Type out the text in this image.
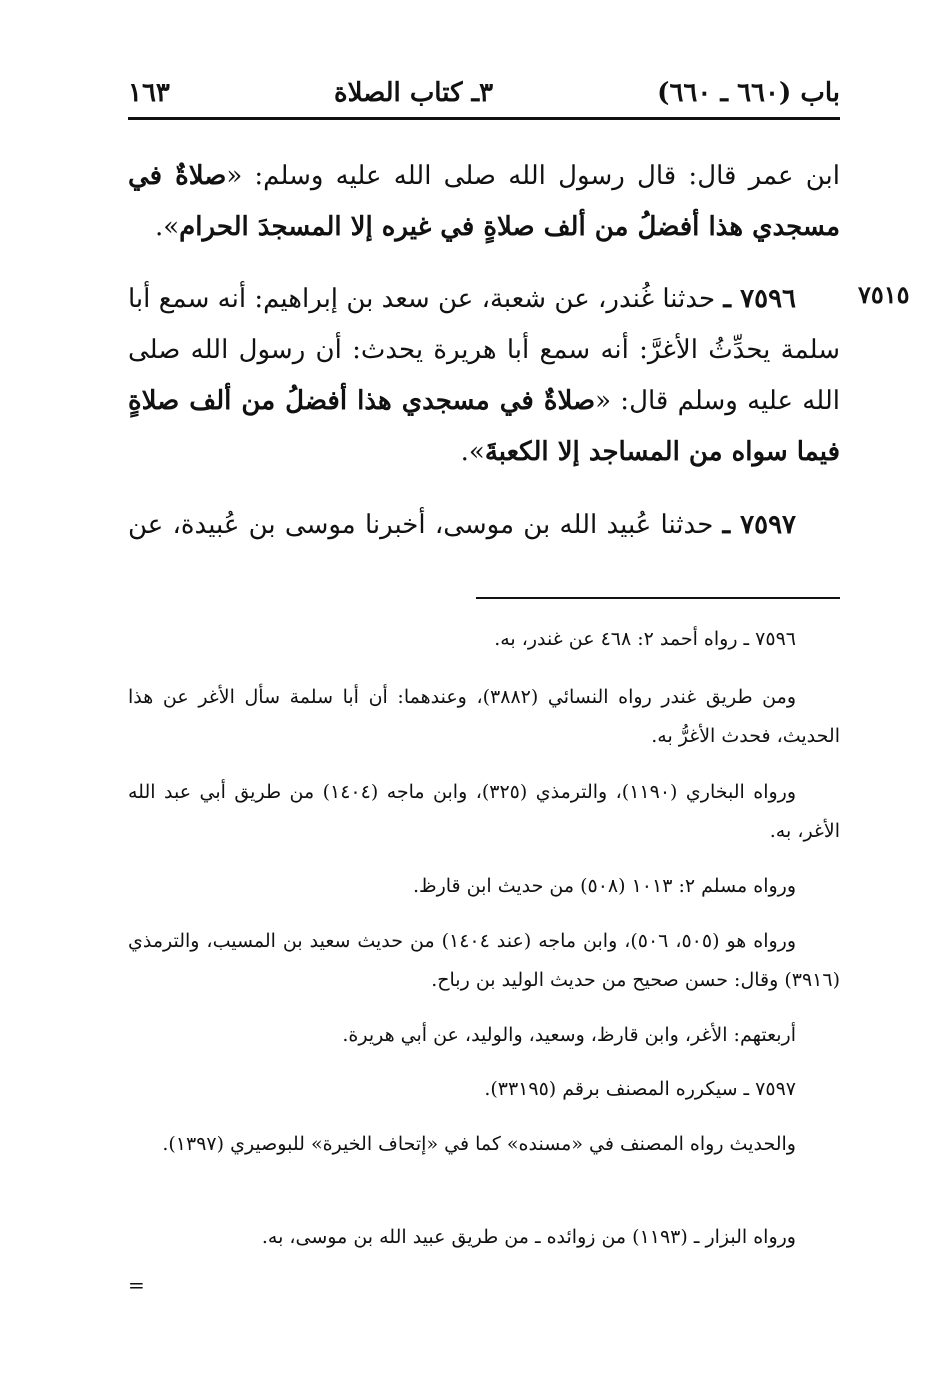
باب (٦٦٠ ـ ٦٦٠)
٣ـ كتاب الصلاة
١٦٣
ابن عمر قال: قال رسول الله صلى الله عليه وسلم: «صلاةٌ في مسجدي هذا أفضلُ من ألف صلاةٍ في غيره إلا المسجدَ الحرام».
٧٥١٥
٧٥٩٦ ـ حدثنا غُندر، عن شعبة، عن سعد بن إبراهيم: أنه سمع أبا سلمة يحدِّثُ الأغرَّ: أنه سمع أبا هريرة يحدث: أن رسول الله صلى الله عليه وسلم قال: «صلاةٌ في مسجدي هذا أفضلُ من ألف صلاةٍ فيما سواه من المساجد إلا الكعبةَ».
٧٥٩٧ ـ حدثنا عُبيد الله بن موسى، أخبرنا موسى بن عُبيدة، عن
٧٥٩٦ ـ رواه أحمد ٢: ٤٦٨ عن غندر، به.
ومن طريق غندر رواه النسائي (٣٨٨٢)، وعندهما: أن أبا سلمة سأل الأغر عن هذا الحديث، فحدث الأغرُّ به.
ورواه البخاري (١١٩٠)، والترمذي (٣٢٥)، وابن ماجه (١٤٠٤) من طريق أبي عبد الله الأغر، به.
ورواه مسلم ٢: ١٠١٣ (٥٠٨) من حديث ابن قارظ.
ورواه هو (٥٠٥، ٥٠٦)، وابن ماجه (عند ١٤٠٤) من حديث سعيد بن المسيب، والترمذي (٣٩١٦) وقال: حسن صحيح من حديث الوليد بن رباح.
أربعتهم: الأغر، وابن قارظ، وسعيد، والوليد، عن أبي هريرة.
٧٥٩٧ ـ سيكرره المصنف برقم (٣٣١٩٥).
والحديث رواه المصنف في «مسنده» كما في «إتحاف الخيرة» للبوصيري (١٣٩٧).
ورواه البزار ـ (١١٩٣) من زوائده ـ من طريق عبيد الله بن موسى، به.
=
